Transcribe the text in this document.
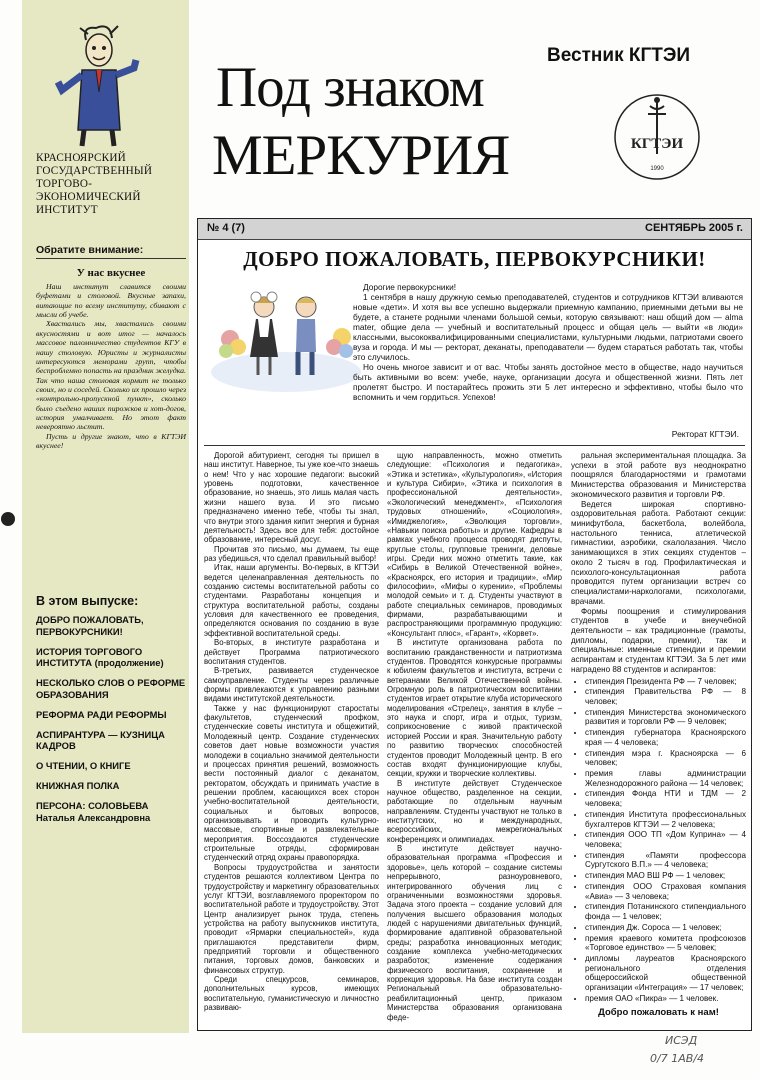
КРАСНОЯРСКИЙ ГОСУДАРСТВЕННЫЙ ТОРГОВО-ЭКОНОМИЧЕСКИЙ ИНСТИТУТ
Обратите внимание:
У нас вкуснее

Наш институт славится своими буфетами и столовой. Вкусные запахи, витающие по всему институту, сбивают с мысли об учебе.

Хвастались мы, хвастались своими вкусностями и вот итог — началось массовое паломничество студентов КГУ в нашу столовую. Юристы и журналисты интересуются меморами групп, чтобы беспроблемно попасть на праздник желудка. Так что наша столовая кормит не только своих, но и соседей. Сколько их прошло через «контрольно-пропускной пункт», сколько было съедено наших пирожков и хот-догов, история умалчивает. Но этот факт невероятно льстит.

Пусть и другие знают, что в КГТЭИ вкуснее!

В этом выпуске:
ДОБРО ПОЖАЛОВАТЬ, ПЕРВОКУРСНИКИ!
ИСТОРИЯ ТОРГОВОГО ИНСТИТУТА (продолжение)
НЕСКОЛЬКО СЛОВ О РЕФОРМЕ ОБРАЗОВАНИЯ
РЕФОРМА РАДИ РЕФОРМЫ
АСПИРАНТУРА — КУЗНИЦА КАДРОВ
О ЧТЕНИИ, О КНИГЕ
КНИЖНАЯ ПОЛКА
ПЕРСОНА: СОЛОВЬЕВА Наталья Александровна
Вестник КГТЭИ
Под знаком
МЕРКУРИЯ	КГТЭИ
1990
№ 4 (7)	СЕНТЯБРЬ 2005 г.
ДОБРО ПОЖАЛОВАТЬ, ПЕРВОКУРСНИКИ!

Дорогие первокурсники!

1 сентября в нашу дружную семью преподавателей, студентов и сотрудников КГТЭИ вливаются новые «дети». И хотя вы все успешно выдержали приемную кампанию, приемными детьми вы не будете, а станете родными членами большой семьи, которую связывают: наш общий дом — alma mater, общие дела — учебный и воспитательный процесс и общая цель — выйти «в люди» классными, высококвалифицированными специалистами, культурными людьми, патриотами своего вуза и города. И мы — ректорат, деканаты, преподаватели — будем стараться работать так, чтобы это случилось.

Но очень многое зависит и от вас. Чтобы занять достойное место в обществе, надо научиться быть активными во всем: учебе, науке, организации досуга и общественной жизни. Пять лет пролетят быстро. И постарайтесь прожить эти 5 лет интересно и эффективно, чтобы было что вспомнить и чем гордиться. Успехов!

Ректорат КГТЭИ.

Дорогой абитуриент, сегодня ты пришел в наш институт. Наверное, ты уже кое-что знаешь о нем! Что у нас хорошие педагоги: высокий уровень подготовки, качественное образование, но знаешь, это лишь малая часть жизни нашего вуза. И это письмо предназначено именно тебе, чтобы ты знал, что внутри этого здания кипит энергия и бурная деятельность! Здесь все для тебя: достойное образование, интересный досуг.

Прочитав это письмо, мы думаем, ты еще раз убедишься, что сделал правильный выбор!

Итак, наши аргументы. Во-первых, в КГТЭИ ведется целенаправленная деятельность по созданию системы воспитательной работы со студентами. Разработаны концепция и структура воспитательной работы, созданы условия для качественного ее проведения, определяются основания по созданию в вузе эффективной воспитательной среды.

Во-вторых, в институте разработана и действует Программа патриотического воспитания студентов.

В-третьих, развивается студенческое самоуправление. Студенты через различные формы привлекаются к управлению разными видами институтской деятельности.

Также у нас функционируют старостаты факультетов, студенческий профком, студенческие советы института и общежитий, Молодежный центр. Создание студенческих советов дает новые возможности участия молодежи в социально значимой деятельности и процессах принятия решений, возможность вести постоянный диалог с деканатом, ректоратом, обсуждать и принимать участие в решении проблем, касающихся всех сторон учебно-воспитательной деятельности, социальных и бытовых вопросов, организовывать и проводить культурно-массовые, спортивные и развлекательные мероприятия. Воссоздаются студенческие строительные отряды, сформирован студенческий отряд охраны правопорядка.

Вопросы трудоустройства и занятости студентов решаются коллективом Центра по трудоустройству и маркетингу образовательных услуг КГТЭИ, возглавляемого проректором по воспитательной работе и трудоустройству. Этот Центр анализирует рынок труда, степень устройства на работу выпускников института, проводит «Ярмарки специальностей», куда приглашаются представители фирм, предприятий торговли и общественного питания, торговых домов, банковских и финансовых структур.

Среди спецкурсов, семинаров, дополнительных курсов, имеющих воспитательную, гуманистическую и личностно развиваю-

щую направленность, можно отметить следующие: «Психология и педагогика», «Этика и эстетика», «Культурология», «История и культура Сибири», «Этика и психология в профессиональной деятельности», «Экологический менеджмент», «Психология трудовых отношений», «Социология», «Имиджелогия», «Эволюция торговли», «Навыки поиска работы» и другие. Кафедры в рамках учебного процесса проводят диспуты, круглые столы, групповые тренинги, деловые игры. Среди них можно отметить такие, как «Сибирь в Великой Отечественной войне», «Красноярск, его история и традиции», «Мир философии», «Мифы о курении», «Проблемы молодой семьи» и т. д. Студенты участвуют в работе специальных семинаров, проводимых фирмами, разрабатывающими и распространяющими программную продукцию: «Консультант плюс», «Гарант», «Корвет».

В институте организована работа по воспитанию гражданственности и патриотизма студентов. Проводятся конкурсные программы к юбилеям факультетов и института, встречи с ветеранами Великой Отечественной войны. Огромную роль в патриотическом воспитании студентов играет открытие клуба исторического моделирования «Стрелец», занятия в клубе – это наука и спорт, игра и отдых, туризм, соприкосновение с живой практической историей России и края. Значительную работу по развитию творческих способностей студентов проводит Молодежный центр. В его состав входят функционирующие клубы, секции, кружки и творческие коллективы.

В институте действует Студенческое научное общество, разделенное на секции, работающие по отдельным научным направлениям. Студенты участвуют не только в институтских, но и международных, всероссийских, межрегиональных конференциях и олимпиадах.

В институте действует научно-образовательная программа «Профессия и здоровье», цель которой – создание системы непрерывного, разноуровневого, интегрированного обучения лиц с ограниченными возможностями здоровья. Задача этого проекта – создание условий для получения высшего образования молодых людей с нарушениями двигательных функций, формирование адаптивной образовательной среды; разработка инновационных методик; создание комплекса учебно-методических разработок; изменение содержания физического воспитания, сохранение и коррекция здоровья. На базе института создан Региональный образовательно-реабилитационный центр, приказом Министерства образования организована феде-

ральная экспериментальная площадка. За успехи в этой работе вуз неоднократно поощрялся благодарностями и грамотами Министерства образования и Министерства экономического развития и торговли РФ.

Ведется широкая спортивно-оздоровительная работа. Работают секции: минифутбола, баскетбола, волейбола, настольного тенниса, атлетической гимнастики, аэробики, скалолазания. Число занимающихся в этих секциях студентов – около 2 тысяч в год. Профилактическая и психолого-консультационная работа проводится путем организации встреч со специалистами-наркологами, психологами, врачами.

Формы поощрения и стимулирования студентов в учебе и внеучебной деятельности – как традиционные (грамоты, дипломы, подарки, премии), так и специальные: именные стипендии и премии аспирантам и студентам КГТЭИ. За 5 лет ими наградено 88 студентов и аспирантов:

• стипендия Президента РФ — 7 человек;
• стипендия Правительства РФ — 8 человек;
• стипендия Министерства экономического развития и торговли РФ — 9 человек;
• стипендия губернатора Красноярского края — 4 человека;
• стипендия мэра г. Красноярска — 6 человек;
• премия главы администрации Железнодорожного района — 14 человек;
• стипендия Фонда НТИ и ТДМ — 2 человека;
• стипендия Института профессиональных бухгалтеров КГТЭИ — 2 человека;
• стипендия ООО ТП «Дом Куприна» — 4 человека;
• стипендия «Памяти профессора Сургутского В.П.» — 4 человека;
• стипендия МАО ВШ РФ — 1 человек;
• стипендия ООО Страховая компания «Авиа» — 3 человека;
• стипендия Потанинского стипендиального фонда — 1 человек;
• стипендия Дж. Сороса — 1 человек;
• премия краевого комитета профсоюзов «Торговое единство» — 5 человек;
• дипломы лауреатов Красноярского регионального отделения общероссийской общественной организации «Интеграция» — 17 человек;
• премия ОАО «Пикра» — 1 человек.
Добро пожаловать к нам!
ИСЭД
0/7 1АВ/4
